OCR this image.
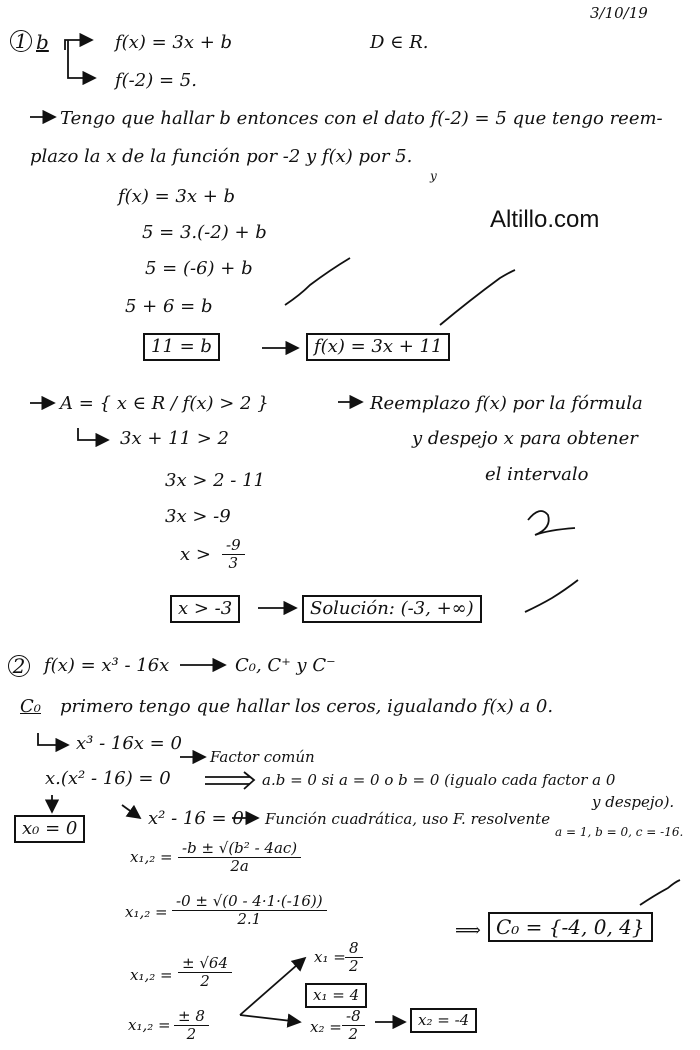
3/10/19
1 b	f(x) = 3x + b
f(-2) = 5.
D ∈ R.
Tengo que hallar b entonces con el dato f(-2) = 5 que tengo reem-
plazo la x de la función por -2 y f(x) por 5.
y
f(x) = 3x + b
5 = 3.(-2) + b
5 = (-6) + b
5 + 6 = b
Altillo.com
11 = b	f(x) = 3x + 11
A = { x ∈ R / f(x) > 2 }
3x + 11 > 2
Reemplazo f(x) por la fórmula
y despejo x para obtener
el intervalo
3x > 2 - 11
3x > -9
$x > \frac{-9}{3}$
x > -3	Solución: (-3, +∞)
2 f(x) = x³ - 16x	C₀, C⁺ y C⁻
C₀ primero tengo que hallar los ceros, igualando f(x) a 0.
x³ - 16x = 0
Factor común
x.(x² - 16) = 0	a.b = 0 si a = 0 o b = 0 (igualo cada factor a 0
y despejo).
x₀ = 0	x² - 16 = 0 Función cuadrática, uso F. resolvente
a = 1, b = 0, c = -16.
$x_1,_2 = \frac{\text{-b ± √(b² - 4ac)}}{2a}$
$x_1,_2 = \frac{-0 \pm √(0 - 4\cdot 1\cdot(-16))}{2.1}$
⟹ C₀ = {-4, 0, 4}
$x_1,_2 = \frac{\pm √64}{2}$
$x_1,_2 = \frac{\pm 8}{2}$
$x_1 = \frac{8}{2}$
x₁ = 4
$x_2 = \frac{-8}{2}$	x₂ = -4
